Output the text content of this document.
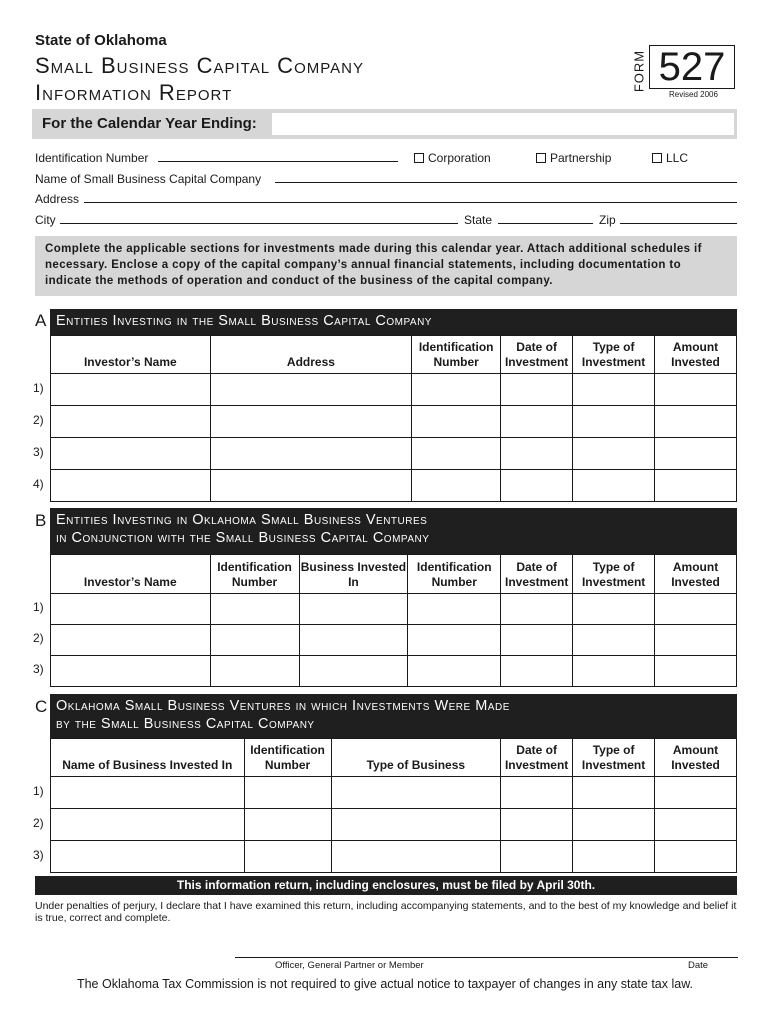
State of Oklahoma
Small Business Capital Company
Information Report
FORM 527
Revised 2006
For the Calendar Year Ending:
Identification Number	Corporation	Partnership	LLC
Name of Small Business Capital Company
Address
City	State	Zip
Complete the applicable sections for investments made during this calendar year. Attach additional schedules if necessary. Enclose a copy of the capital company’s annual financial statements, including documentation to indicate the methods of operation and conduct of the business of the capital company.
A Entities Investing in the Small Business Capital Company
Investor’s Name	Address	Identification Number	Date of Investment	Type of Investment	Amount Invested

1)
2)
3)
4)
B Entities Investing in Oklahoma Small Business Ventures
in Conjunction with the Small Business Capital Company
Investor’s Name	Identification Number	Business Invested In	Identification Number	Date of Investment	Type of Investment	Amount Invested

1)
2)
3)
C Oklahoma Small Business Ventures in which Investments Were Made
by the Small Business Capital Company
Name of Business Invested In	Identification Number	Type of Business	Date of Investment	Type of Investment	Amount Invested

1)
2)
3)
This information return, including enclosures, must be filed by April 30th.
Under penalties of perjury, I declare that I have examined this return, including accompanying statements, and to the best of my knowledge and belief it is true, correct and complete.
Officer, General Partner or Member	Date
The Oklahoma Tax Commission is not required to give actual notice to taxpayer of changes in any state tax law.
